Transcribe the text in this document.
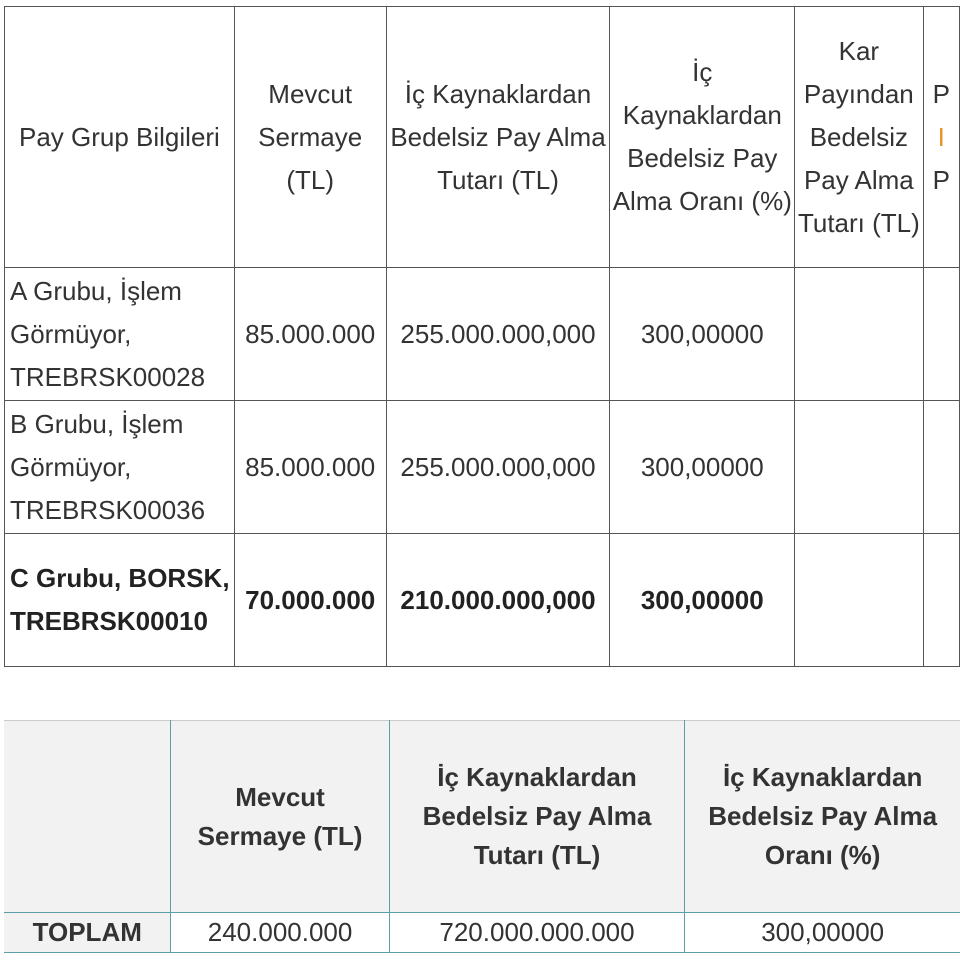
Pay Grup Bilgileri	Mevcut Sermaye (TL)	İç Kaynaklardan Bedelsiz Pay Alma Tutarı (TL)	İç Kaynaklardan Bedelsiz Pay Alma Oranı (%)	Kar Payından Bedelsiz Pay Alma Tutarı (TL)	P
I
P

A Grubu, İşlem Görmüyor, TREBRSK00028	85.000.000	255.000.000,000	300,00000		
B Grubu, İşlem Görmüyor, TREBRSK00036	85.000.000	255.000.000,000	300,00000		
C Grubu, BORSK, TREBRSK00010	70.000.000	210.000.000,000	300,00000		
	Mevcut Sermaye (TL)	İç Kaynaklardan Bedelsiz Pay Alma Tutarı (TL)	İç Kaynaklardan Bedelsiz Pay Alma Oranı (%)
TOPLAM	240.000.000	720.000.000.000	300,00000
